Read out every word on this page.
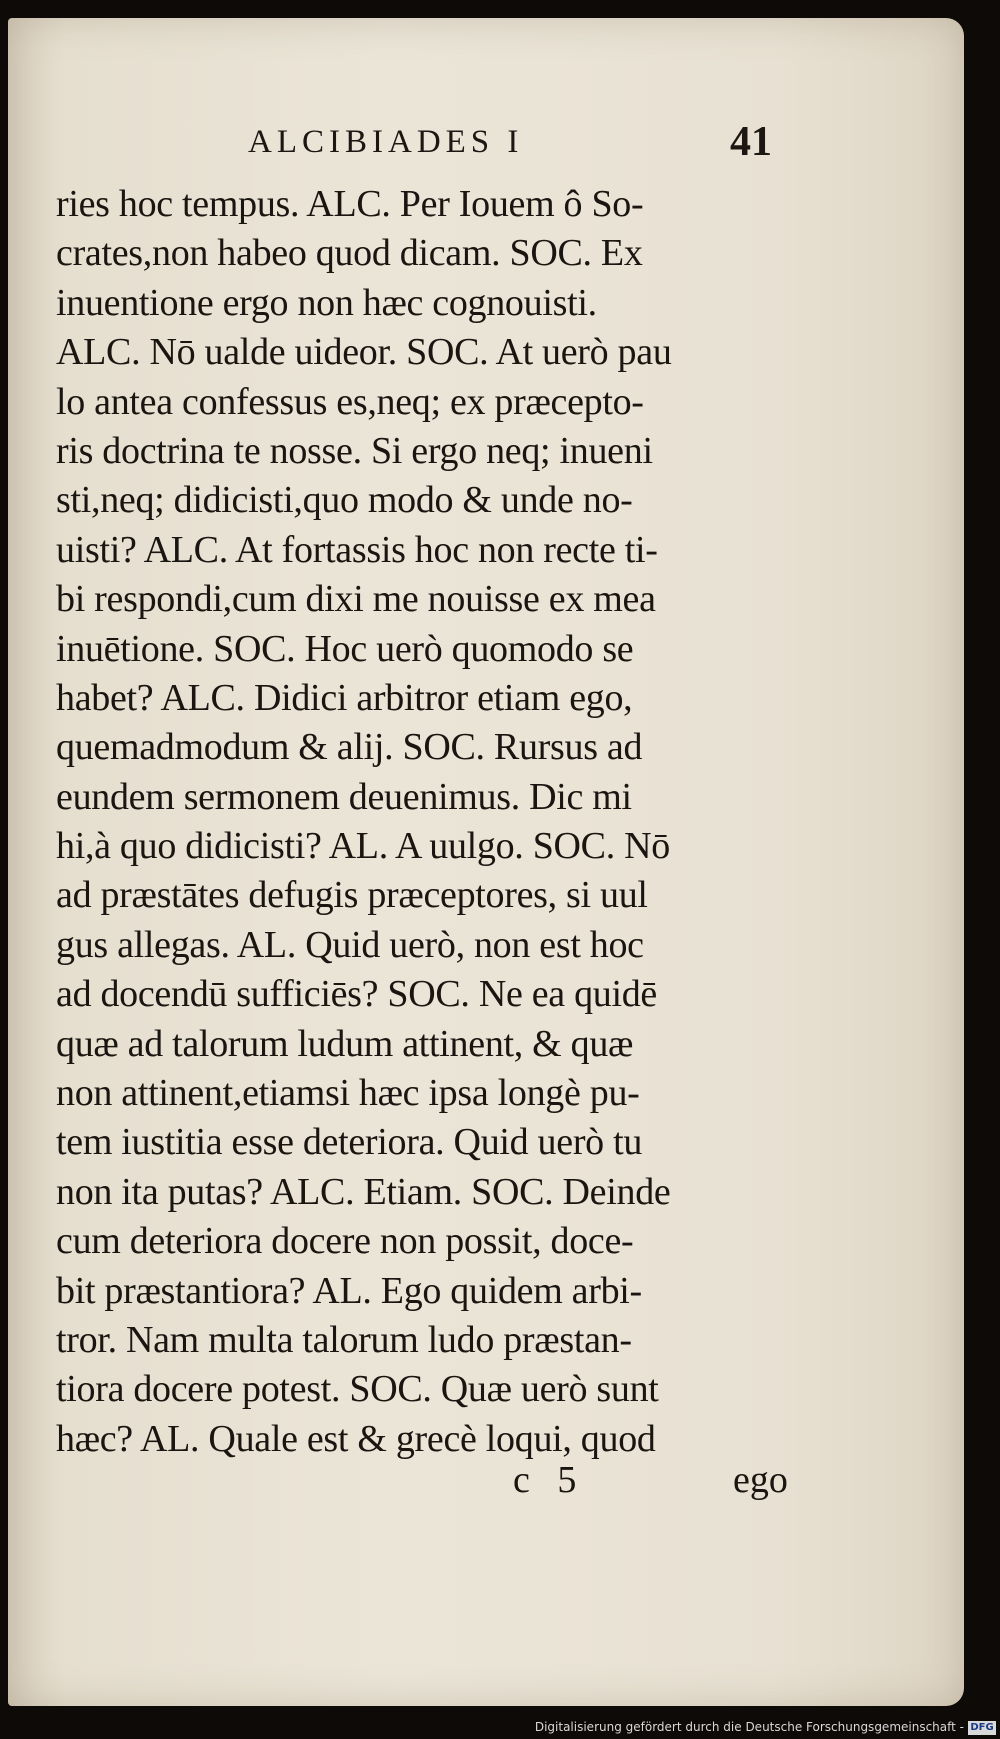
ALCIBIADES I	41
ries hoc tempus. ALC. Per Iouem ô So-
crates,non habeo quod dicam. SOC. Ex
inuentione ergo non hæc cognouisti.
ALC. Nō ualde uideor. SOC. At uerò pau
lo antea confessus es,neq; ex præcepto-
ris doctrina te nosse. Si ergo neq; inueni
sti,neq; didicisti,quo modo & unde no-
uisti? ALC. At fortassis hoc non recte ti-
bi respondi,cum dixi me nouisse ex mea
inuētione. SOC. Hoc uerò quomodo se
habet? ALC. Didici arbitror etiam ego,
quemadmodum & alij. SOC. Rursus ad
eundem sermonem deuenimus. Dic mi
hi,à quo didicisti? AL. A uulgo. SOC. Nō
ad præstātes defugis præceptores, si uul
gus allegas. AL. Quid uerò, non est hoc
ad docendū sufficiēs? SOC. Ne ea quidē
quæ ad talorum ludum attinent, & quæ
non attinent,etiamsi hæc ipsa longè pu-
tem iustitia esse deteriora. Quid uerò tu
non ita putas? ALC. Etiam. SOC. Deinde
cum deteriora docere non possit, doce-
bit præstantiora? AL. Ego quidem arbi-
tror. Nam multa talorum ludo præstan-
tiora docere potest. SOC. Quæ uerò sunt
hæc? AL. Quale est & grecè loqui, quod
c 5	ego
Digitalisierung gefördert durch die Deutsche Forschungsgemeinschaft - DFG
